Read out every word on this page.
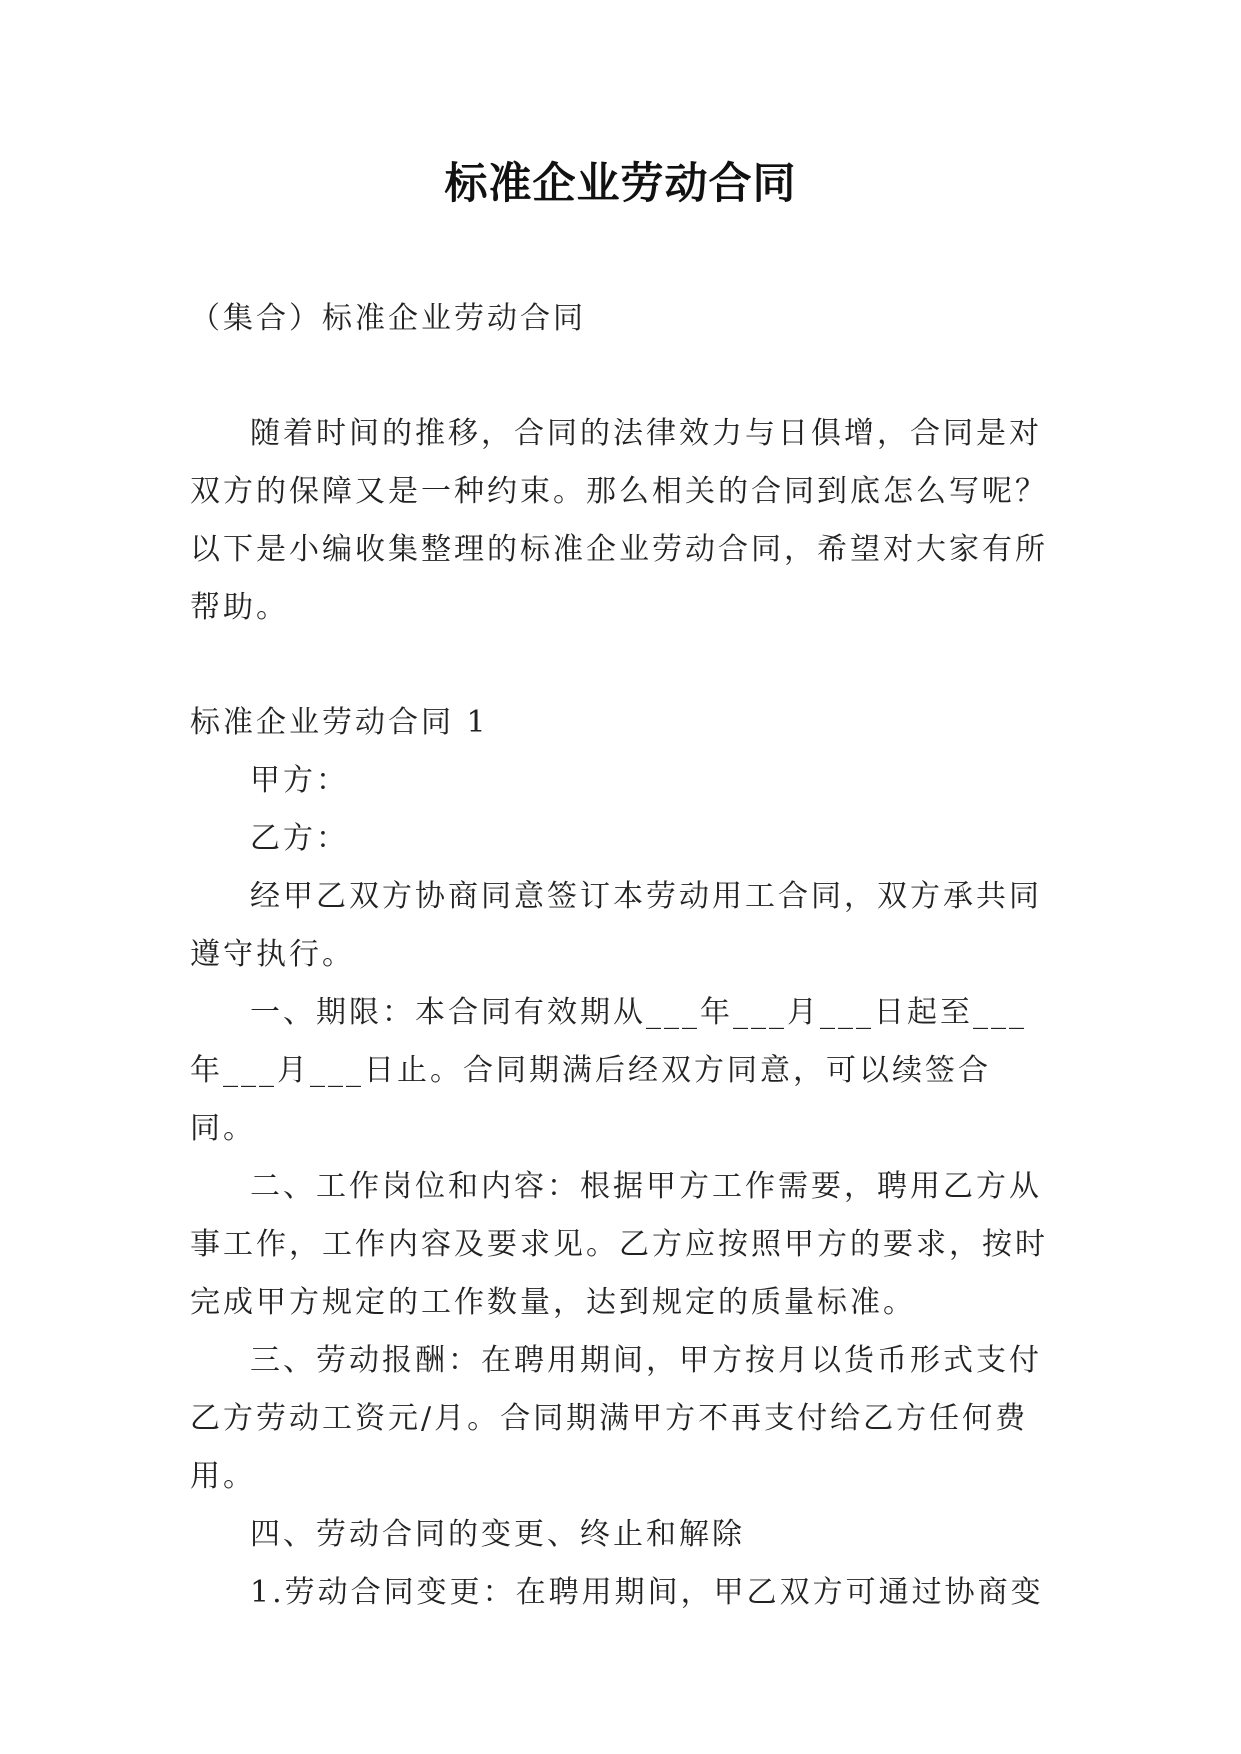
标准企业劳动合同

（集合）标准企业劳动合同

随着时间的推移，合同的法律效力与日俱增，合同是对双方的保障又是一种约束。那么相关的合同到底怎么写呢？以下是小编收集整理的标准企业劳动合同，希望对大家有所帮助。

标准企业劳动合同 1

甲方：

乙方：

经甲乙双方协商同意签订本劳动用工合同，双方承共同遵守执行。

一、期限：本合同有效期从___年___月___日起至___年___月___日止。合同期满后经双方同意，可以续签合同。

二、工作岗位和内容：根据甲方工作需要，聘用乙方从事工作，工作内容及要求见。乙方应按照甲方的要求，按时完成甲方规定的工作数量，达到规定的质量标准。

三、劳动报酬：在聘用期间，甲方按月以货币形式支付乙方劳动工资元/月。合同期满甲方不再支付给乙方任何费用。

四、劳动合同的变更、终止和解除

1.劳动合同变更：在聘用期间，甲乙双方可通过协商变
